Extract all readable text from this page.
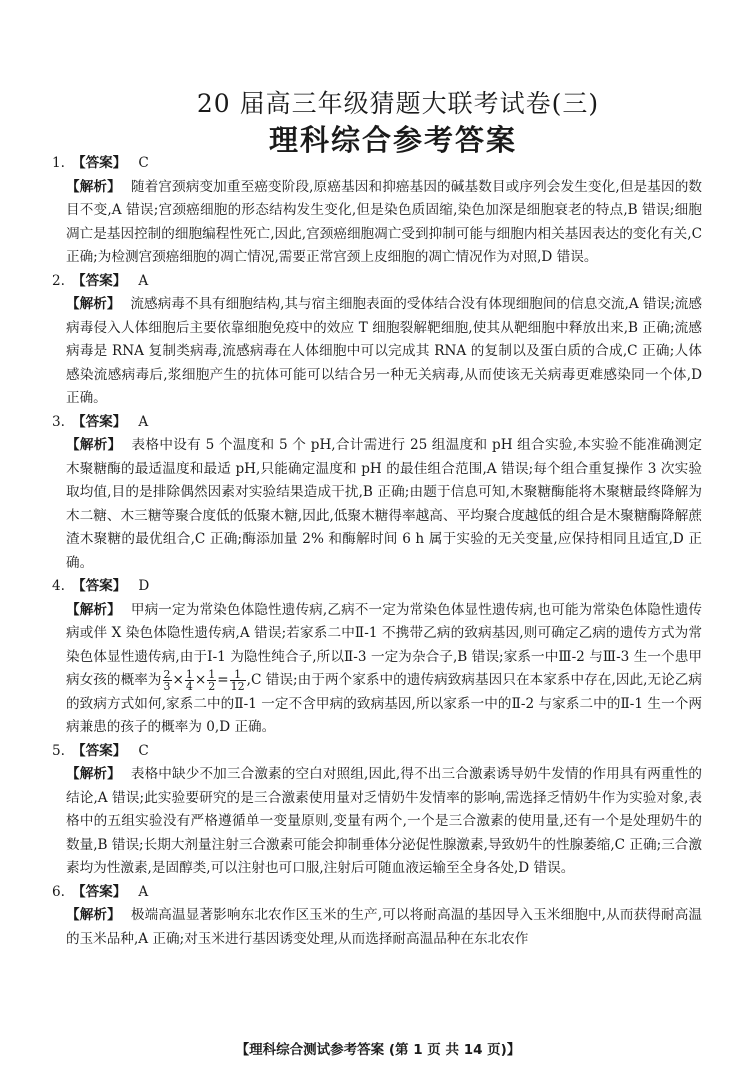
20 届高三年级猜题大联考试卷(三)
理科综合参考答案
1. 【答案】 C
【解析】 随着宫颈病变加重至癌变阶段,原癌基因和抑癌基因的碱基数目或序列会发生变化,但是基因的数目不变,A 错误;宫颈癌细胞的形态结构发生变化,但是染色质固缩,染色加深是细胞衰老的特点,B 错误;细胞凋亡是基因控制的细胞编程性死亡,因此,宫颈癌细胞凋亡受到抑制可能与细胞内相关基因表达的变化有关,C 正确;为检测宫颈癌细胞的凋亡情况,需要正常宫颈上皮细胞的凋亡情况作为对照,D 错误。
2. 【答案】 A
【解析】 流感病毒不具有细胞结构,其与宿主细胞表面的受体结合没有体现细胞间的信息交流,A 错误;流感病毒侵入人体细胞后主要依靠细胞免疫中的效应 T 细胞裂解靶细胞,使其从靶细胞中释放出来,B 正确;流感病毒是 RNA 复制类病毒,流感病毒在人体细胞中可以完成其 RNA 的复制以及蛋白质的合成,C 正确;人体感染流感病毒后,浆细胞产生的抗体可能可以结合另一种无关病毒,从而使该无关病毒更难感染同一个体,D 正确。
3. 【答案】 A
【解析】 表格中设有 5 个温度和 5 个 pH,合计需进行 25 组温度和 pH 组合实验,本实验不能准确测定木聚糖酶的最适温度和最适 pH,只能确定温度和 pH 的最佳组合范围,A 错误;每个组合重复操作 3 次实验取均值,目的是排除偶然因素对实验结果造成干扰,B 正确;由题于信息可知,木聚糖酶能将木聚糖最终降解为木二糖、木三糖等聚合度低的低聚木糖,因此,低聚木糖得率越高、平均聚合度越低的组合是木聚糖酶降解蔗渣木聚糖的最优组合,C 正确;酶添加量 2% 和酶解时间 6 h 属于实验的无关变量,应保持相同且适宜,D 正确。
4. 【答案】 D
【解析】 甲病一定为常染色体隐性遗传病,乙病不一定为常染色体显性遗传病,也可能为常染色体隐性遗传病或伴 X 染色体隐性遗传病,A 错误;若家系二中Ⅱ-1 不携带乙病的致病基因,则可确定乙病的遗传方式为常染色体显性遗传病,由于Ⅰ-1 为隐性纯合子,所以Ⅱ-3 一定为杂合子,B 错误;家系一中Ⅲ-2 与Ⅲ-3 生一个患甲病女孩的概率为 $\frac{2}{3} \times \frac{1}{4} \times \frac{1}{2} = \frac{1}{12} ,C$ 错误;由于两个家系中的遗传病致病基因只在本家系中存在,因此,无论乙病的致病方式如何,家系二中的Ⅱ-1 一定不含甲病的致病基因,所以家系一中的Ⅱ-2 与家系二中的Ⅱ-1 生一个两病兼患的孩子的概率为 0,D 正确。
5. 【答案】 C
【解析】 表格中缺少不加三合激素的空白对照组,因此,得不出三合激素诱导奶牛发情的作用具有两重性的结论,A 错误;此实验要研究的是三合激素使用量对乏情奶牛发情率的影响,需选择乏情奶牛作为实验对象,表格中的五组实验没有严格遵循单一变量原则,变量有两个,一个是三合激素的使用量,还有一个是处理奶牛的数量,B 错误;长期大剂量注射三合激素可能会抑制垂体分泌促性腺激素,导致奶牛的性腺萎缩,C 正确;三合激素均为性激素,是固醇类,可以注射也可口服,注射后可随血液运输至全身各处,D 错误。
6. 【答案】 A
【解析】 极端高温显著影响东北农作区玉米的生产,可以将耐高温的基因导入玉米细胞中,从而获得耐高温的玉米品种,A 正确;对玉米进行基因诱变处理,从而选择耐高温品种在东北农作
【理科综合测试参考答案 (第 1 页 共 14 页)】
